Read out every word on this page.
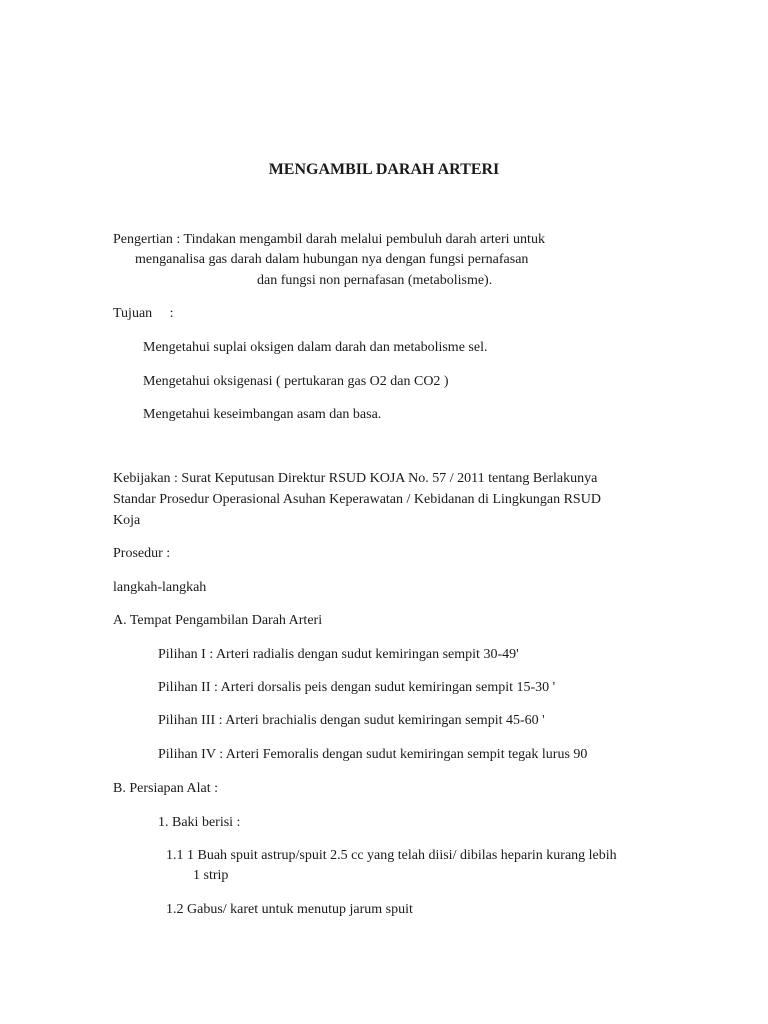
MENGAMBIL DARAH ARTERI
Pengertian : Tindakan mengambil darah melalui pembuluh darah arteri untuk
menganalisa gas darah dalam hubungan nya dengan fungsi pernafasan
dan fungsi non pernafasan (metabolisme).
Tujuan     :
Mengetahui suplai oksigen dalam darah dan metabolisme sel.
Mengetahui oksigenasi ( pertukaran gas O2 dan CO2 )
Mengetahui keseimbangan asam dan basa.
Kebijakan : Surat Keputusan Direktur RSUD KOJA No. 57 / 2011 tentang Berlakunya
Standar Prosedur Operasional Asuhan Keperawatan / Kebidanan di Lingkungan RSUD
Koja
Prosedur :
langkah-langkah
A. Tempat Pengambilan Darah Arteri
Pilihan I : Arteri radialis dengan sudut kemiringan sempit 30-49'
Pilihan II : Arteri dorsalis peis dengan sudut kemiringan sempit 15-30 '
Pilihan III : Arteri brachialis dengan sudut kemiringan sempit 45-60 '
Pilihan IV : Arteri Femoralis dengan sudut kemiringan sempit tegak lurus 90
B. Persiapan Alat :
1. Baki berisi :
1.1 1 Buah spuit astrup/spuit 2.5 cc yang telah diisi/ dibilas heparin kurang lebih
1 strip
1.2 Gabus/ karet untuk menutup jarum spuit
